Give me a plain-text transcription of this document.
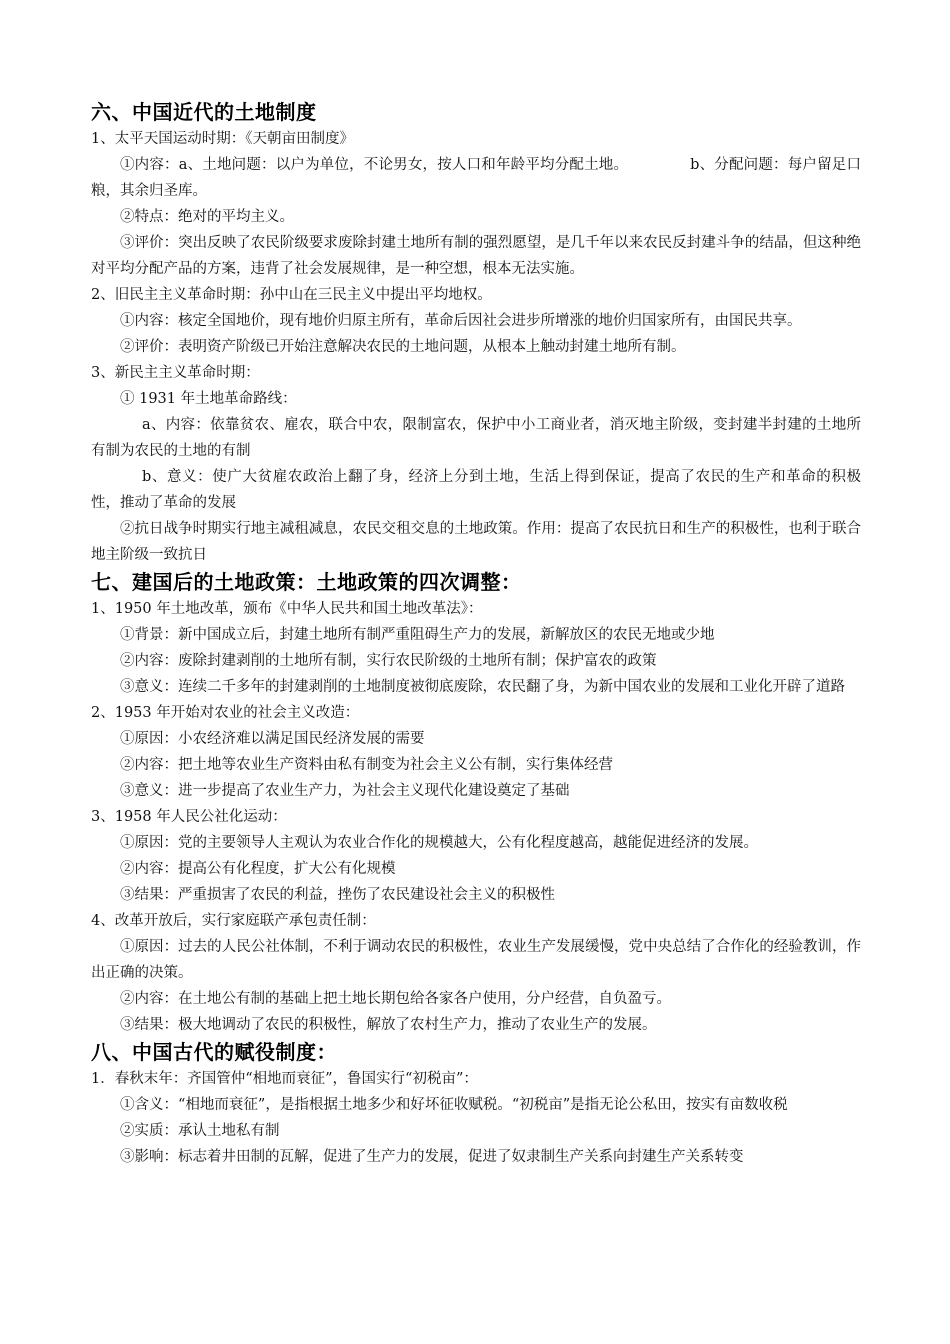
六、中国近代的土地制度

1、太平天国运动时期：《天朝亩田制度》

①内容：a、土地问题：以户为单位，不论男女，按人口和年龄平均分配土地。	b、分配问题：每户留足口粮，其余归圣库。

②特点：绝对的平均主义。

③评价：突出反映了农民阶级要求废除封建土地所有制的强烈愿望，是几千年以来农民反封建斗争的结晶，但这种绝对平均分配产品的方案，违背了社会发展规律，是一种空想，根本无法实施。

2、旧民主主义革命时期：孙中山在三民主义中提出平均地权。

①内容：核定全国地价，现有地价归原主所有，革命后因社会进步所增涨的地价归国家所有，由国民共享。

②评价：表明资产阶级已开始注意解决农民的土地问题，从根本上触动封建土地所有制。

3、新民主主义革命时期：

① 1931 年土地革命路线：

a、内容：依靠贫农、雇农，联合中农，限制富农，保护中小工商业者，消灭地主阶级，变封建半封建的土地所有制为农民的土地的有制

b、意义：使广大贫雇农政治上翻了身，经济上分到土地，生活上得到保证，提高了农民的生产和革命的积极性，推动了革命的发展

②抗日战争时期实行地主减租减息，农民交租交息的土地政策。作用：提高了农民抗日和生产的积极性，也利于联合地主阶级一致抗日

七、建国后的土地政策：土地政策的四次调整：

1、1950 年土地改革，颁布《中华人民共和国土地改革法》：

①背景：新中国成立后，封建土地所有制严重阻碍生产力的发展，新解放区的农民无地或少地

②内容：废除封建剥削的土地所有制，实行农民阶级的土地所有制；保护富农的政策

③意义：连续二千多年的封建剥削的土地制度被彻底废除，农民翻了身，为新中国农业的发展和工业化开辟了道路

2、1953 年开始对农业的社会主义改造：

①原因：小农经济难以满足国民经济发展的需要

②内容：把土地等农业生产资料由私有制变为社会主义公有制，实行集体经营

③意义：进一步提高了农业生产力，为社会主义现代化建设奠定了基础

3、1958 年人民公社化运动：

①原因：党的主要领导人主观认为农业合作化的规模越大，公有化程度越高，越能促进经济的发展。

②内容：提高公有化程度，扩大公有化规模

③结果：严重损害了农民的利益，挫伤了农民建设社会主义的积极性

4、改革开放后，实行家庭联产承包责任制：

①原因：过去的人民公社体制，不利于调动农民的积极性，农业生产发展缓慢，党中央总结了合作化的经验教训，作出正确的决策。

②内容：在土地公有制的基础上把土地长期包给各家各户使用，分户经营，自负盈亏。

③结果：极大地调动了农民的积极性，解放了农村生产力，推动了农业生产的发展。

八、中国古代的赋役制度：

1．春秋末年：齐国管仲“相地而衰征”，鲁国实行“初税亩”：

①含义：“相地而衰征”，是指根据土地多少和好坏征收赋税。“初税亩”是指无论公私田，按实有亩数收税

②实质：承认土地私有制

③影响：标志着井田制的瓦解，促进了生产力的发展，促进了奴隶制生产关系向封建生产关系转变
